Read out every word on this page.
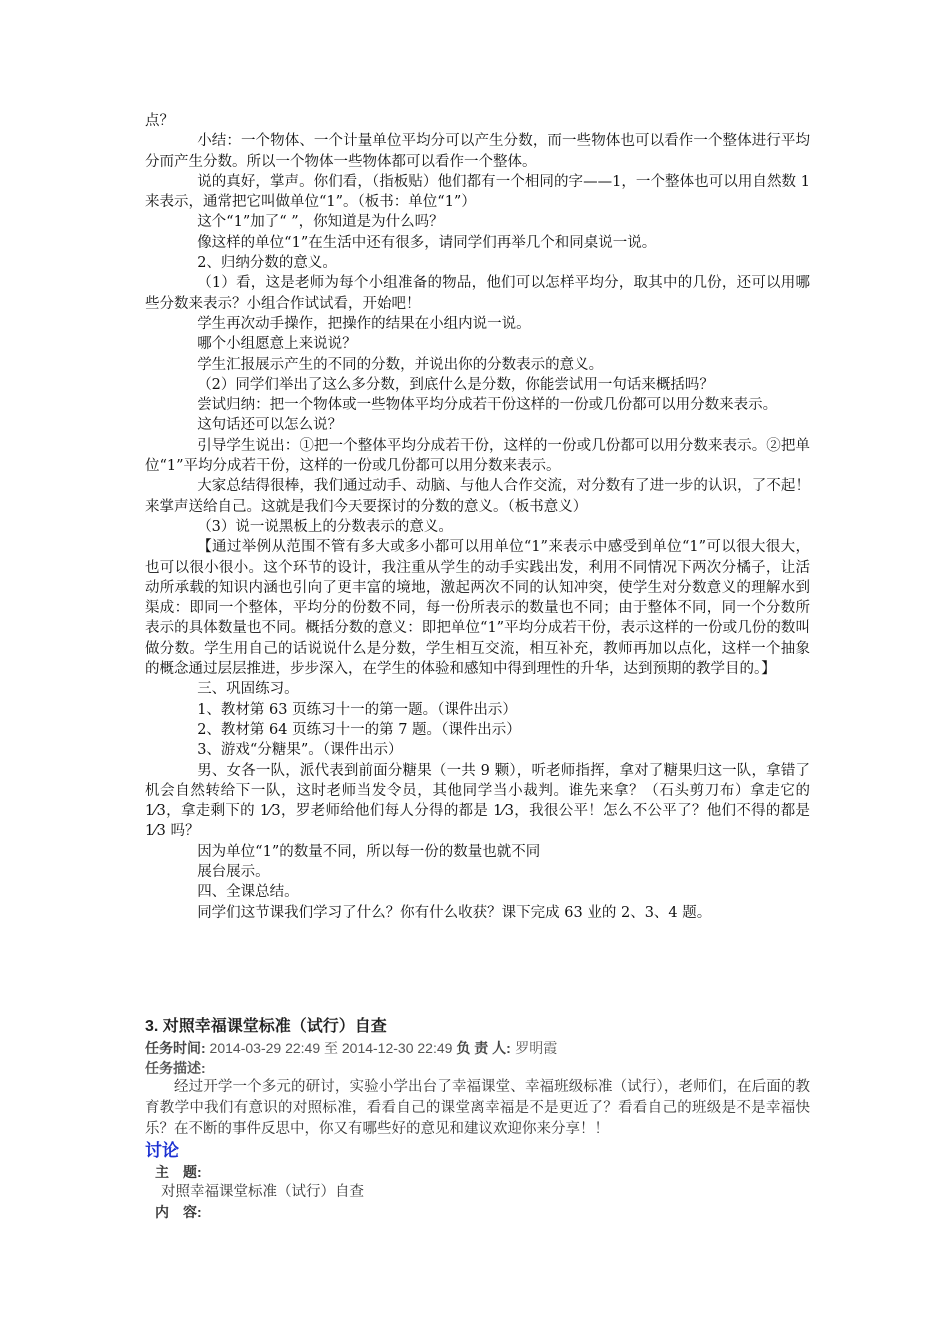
点？

小结：一个物体、一个计量单位平均分可以产生分数，而一些物体也可以看作一个整体进行平均分而产生分数。所以一个物体一些物体都可以看作一个整体。

说的真好，掌声。你们看，（指板贴）他们都有一个相同的字——1，一个整体也可以用自然数 1 来表示，通常把它叫做单位“1”。（板书：单位“1”）

这个“1”加了“ ”，你知道是为什么吗？

像这样的单位“1”在生活中还有很多，请同学们再举几个和同桌说一说。

2、归纳分数的意义。

（1）看，这是老师为每个小组准备的物品，他们可以怎样平均分，取其中的几份，还可以用哪些分数来表示？小组合作试试看，开始吧！

学生再次动手操作，把操作的结果在小组内说一说。

哪个小组愿意上来说说？

学生汇报展示产生的不同的分数，并说出你的分数表示的意义。

（2）同学们举出了这么多分数，到底什么是分数，你能尝试用一句话来概括吗？

尝试归纳：把一个物体或一些物体平均分成若干份这样的一份或几份都可以用分数来表示。

这句话还可以怎么说？

引导学生说出：①把一个整体平均分成若干份，这样的一份或几份都可以用分数来表示。②把单位“1”平均分成若干份，这样的一份或几份都可以用分数来表示。

大家总结得很棒，我们通过动手、动脑、与他人合作交流，对分数有了进一步的认识，了不起！来掌声送给自己。这就是我们今天要探讨的分数的意义。（板书意义）

（3）说一说黑板上的分数表示的意义。

【通过举例从范围不管有多大或多小都可以用单位“1”来表示中感受到单位“1”可以很大很大，也可以很小很小。这个环节的设计，我注重从学生的动手实践出发，利用不同情况下两次分橘子，让活动所承载的知识内涵也引向了更丰富的境地，激起两次不同的认知冲突，使学生对分数意义的理解水到渠成：即同一个整体，平均分的份数不同，每一份所表示的数量也不同；由于整体不同，同一个分数所表示的具体数量也不同。概括分数的意义：即把单位“1”平均分成若干份，表示这样的一份或几份的数叫做分数。学生用自己的话说说什么是分数，学生相互交流，相互补充，教师再加以点化，这样一个抽象的概念通过层层推进，步步深入，在学生的体验和感知中得到理性的升华，达到预期的教学目的。】

三、巩固练习。

1、教材第 63 页练习十一的第一题。（课件出示）

2、教材第 64 页练习十一的第 7 题。（课件出示）

3、游戏“分糖果”。（课件出示）

男、女各一队，派代表到前面分糖果（一共 9 颗），听老师指挥，拿对了糖果归这一队，拿错了机会自然转给下一队，这时老师当发令员，其他同学当小裁判。谁先来拿？（石头剪刀布）拿走它的 1⁄3，拿走剩下的 1⁄3，罗老师给他们每人分得的都是 1⁄3，我很公平！怎么不公平了？他们不得的都是 1⁄3 吗？

因为单位“1”的数量不同，所以每一份的数量也就不同

展台展示。

四、全课总结。

同学们这节课我们学习了什么？你有什么收获？课下完成 63 业的 2、3、4 题。

3. 对照幸福课堂标准（试行）自查

任务时间: 2014-03-29 22:49 至 2014-12-30 22:49 负 责 人: 罗明霞

任务描述:

经过开学一个多元的研讨，实验小学出台了幸福课堂、幸福班级标准（试行），老师们，在后面的教育教学中我们有意识的对照标准，看看自己的课堂离幸福是不是更近了？看看自己的班级是不是幸福快乐？在不断的事件反思中，你又有哪些好的意见和建议欢迎你来分享！！

讨论

主　题:

对照幸福课堂标准（试行）自查

内　容:
